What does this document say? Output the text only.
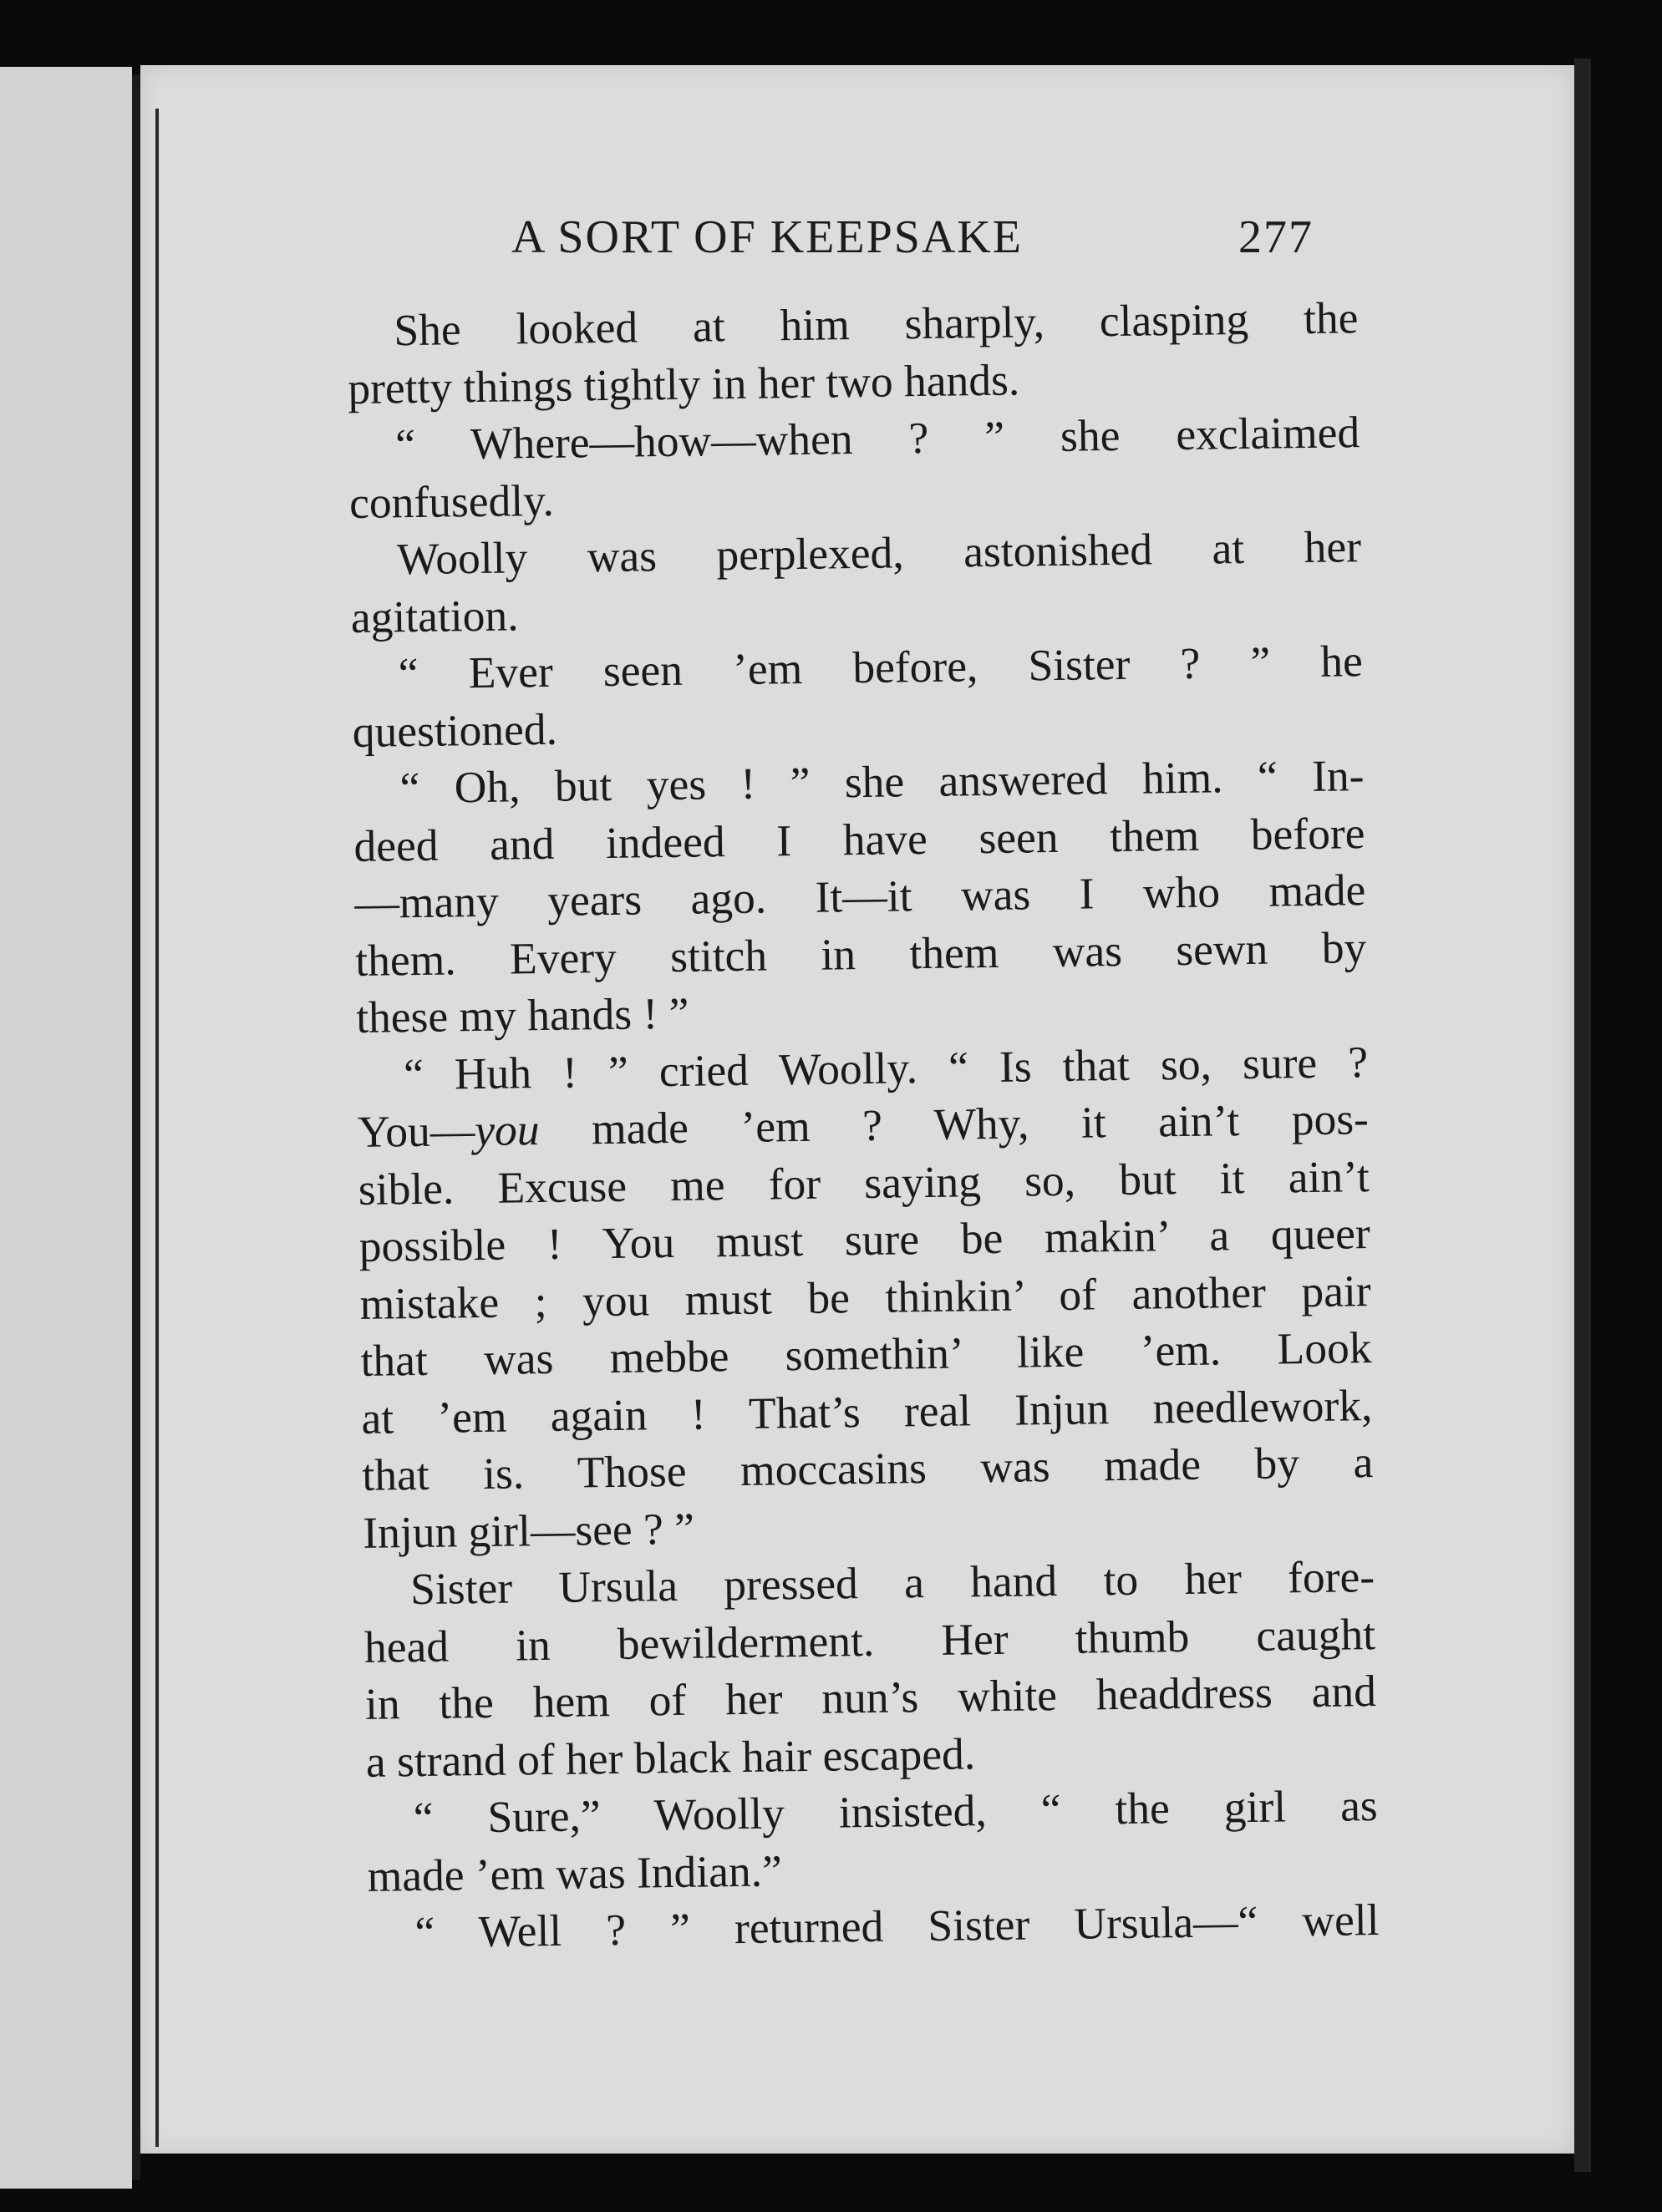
A SORT OF KEEPSAKE	277
She looked at him sharply, clasping the
pretty things tightly in her two hands.
“ Where—how—when ? ” she exclaimed
confusedly.
Woolly was perplexed, astonished at her
agitation.
“ Ever seen ’em before, Sister ? ” he
questioned.
“ Oh, but yes ! ” she answered him. “ In-
deed and indeed I have seen them before
—many years ago. It—it was I who made
them. Every stitch in them was sewn by
these my hands ! ”
“ Huh ! ” cried Woolly. “ Is that so, sure ?
You—you made ’em ? Why, it ain’t pos-
sible. Excuse me for saying so, but it ain’t
possible ! You must sure be makin’ a queer
mistake ; you must be thinkin’ of another pair
that was mebbe somethin’ like ’em. Look
at ’em again ! That’s real Injun needlework,
that is. Those moccasins was made by a
Injun girl—see ? ”
Sister Ursula pressed a hand to her fore-
head in bewilderment. Her thumb caught
in the hem of her nun’s white headdress and
a strand of her black hair escaped.
“ Sure,” Woolly insisted, “ the girl as
made ’em was Indian.”
“ Well ? ” returned Sister Ursula—“ well
